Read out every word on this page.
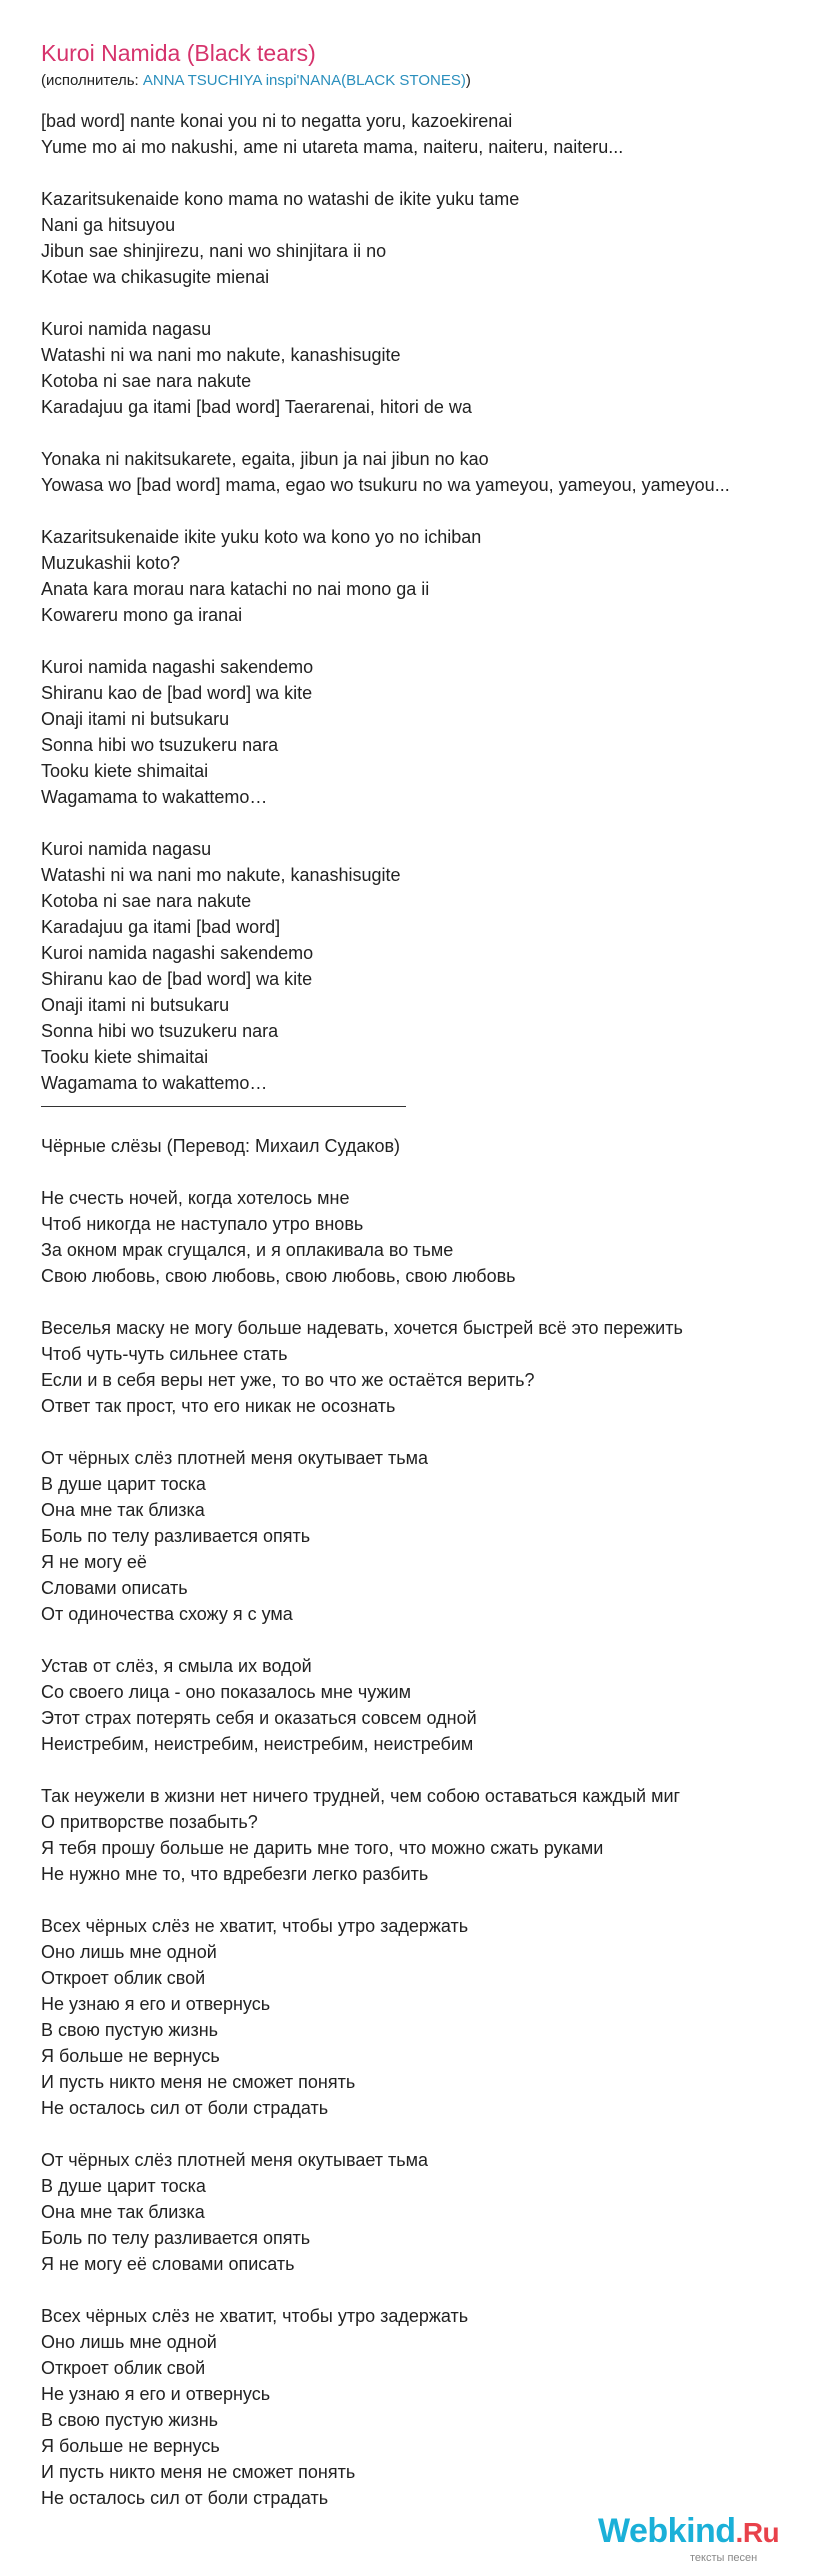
Kuroi Namida (Black tears)
(исполнитель: ANNA TSUCHIYA inspi'NANA(BLACK STONES))
[bad word] nante konai you ni to negatta yoru, kazoekirenai
Yume mo ai mo nakushi, ame ni utareta mama, naiteru, naiteru, naiteru...
Kazaritsukenaide kono mama no watashi de ikite yuku tame
Nani ga hitsuyou
Jibun sae shinjirezu, nani wo shinjitara ii no
Kotae wa chikasugite mienai
Kuroi namida nagasu
Watashi ni wa nani mo nakute, kanashisugite
Kotoba ni sae nara nakute
Karadajuu ga itami [bad word] Taerarenai, hitori de wa
Yonaka ni nakitsukarete, egaita, jibun ja nai jibun no kao
Yowasa wo [bad word] mama, egao wo tsukuru no wa yameyou, yameyou, yameyou...
Kazaritsukenaide ikite yuku koto wa kono yo no ichiban
Muzukashii koto?
Anata kara morau nara katachi no nai mono ga ii
Kowareru mono ga iranai
Kuroi namida nagashi sakendemo
Shiranu kao de [bad word] wa kite
Onaji itami ni butsukaru
Sonna hibi wo tsuzukeru nara
Tooku kiete shimaitai
Wagamama to wakattemo…
Kuroi namida nagasu
Watashi ni wa nani mo nakute, kanashisugite
Kotoba ni sae nara nakute
Karadajuu ga itami [bad word]
Kuroi namida nagashi sakendemo
Shiranu kao de [bad word] wa kite
Onaji itami ni butsukaru
Sonna hibi wo tsuzukeru nara
Tooku kiete shimaitai
Wagamama to wakattemo…
Чёрные слёзы (Перевод: Михаил Судаков)
Не счесть ночей, когда хотелось мне
Чтоб никогда не наступало утро вновь
За окном мрак сгущался, и я оплакивала во тьме
Свою любовь, свою любовь, свою любовь, свою любовь
Веселья маску не могу больше надевать, хочется быстрей всё это пережить
Чтоб чуть-чуть сильнее стать
Если и в себя веры нет уже, то во что же остаётся верить?
Ответ так прост, что его никак не осознать
От чёрных слёз плотней меня окутывает тьма
В душе царит тоска
Она мне так близка
Боль по телу разливается опять
Я не могу её
Словами описать
От одиночества схожу я с ума
Устав от слёз, я смыла их водой
Со своего лица - оно показалось мне чужим
Этот страх потерять себя и оказаться совсем одной
Неистребим, неистребим, неистребим, неистребим
Так неужели в жизни нет ничего трудней, чем собою оставаться каждый миг
О притворстве позабыть?
Я тебя прошу больше не дарить мне того, что можно сжать руками
Не нужно мне то, что вдребезги легко разбить
Всех чёрных слёз не хватит, чтобы утро задержать
Оно лишь мне одной
Откроет облик свой
Не узнаю я его и отвернусь
В свою пустую жизнь
Я больше не вернусь
И пусть никто меня не сможет понять
Не осталось сил от боли страдать
От чёрных слёз плотней меня окутывает тьма
В душе царит тоска
Она мне так близка
Боль по телу разливается опять
Я не могу её словами описать
Всех чёрных слёз не хватит, чтобы утро задержать
Оно лишь мне одной
Откроет облик свой
Не узнаю я его и отвернусь
В свою пустую жизнь
Я больше не вернусь
И пусть никто меня не сможет понять
Не осталось сил от боли страдать
Webkind.Ru
тексты песен
